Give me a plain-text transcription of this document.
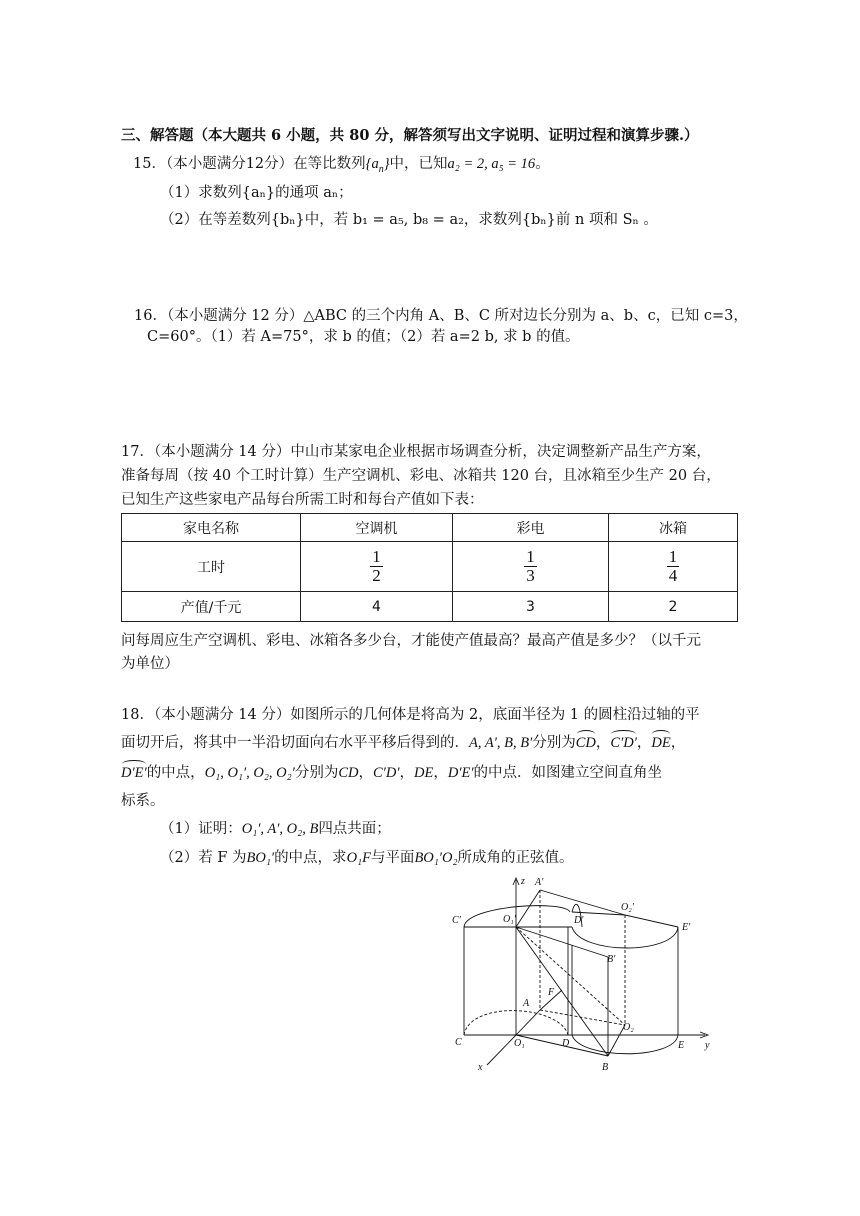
三、解答题（本大题共 6 小题，共 80 分，解答须写出文字说明、证明过程和演算步骤.）
15．（本小题满分12分）在等比数列$\{a_n\}$中，已知a₂ = 2, a₅ = 16。
（1）求数列{aₙ}的通项 aₙ；
（2）在等差数列{bₙ}中，若 b₁ = a₅, b₈ = a₂，求数列{bₙ}前 n 项和 Sₙ 。
16．（本小题满分 12 分）△ABC 的三个内角 A、B、C 所对边长分别为 a、b、c，已知 c=3，
C=60°。（1）若 A=75°，求 b 的值；（2）若 a=2 b, 求 b 的值。
17．（本小题满分 14 分）中山市某家电企业根据市场调查分析，决定调整新产品生产方案，
准备每周（按 40 个工时计算）生产空调机、彩电、冰箱共 120 台，且冰箱至少生产 20 台，
已知生产这些家电产品每台所需工时和每台产值如下表：
家电名称	空调机	彩电	冰箱
工时	$\frac{1}{2}$	$\frac{1}{3}$	$\frac{1}{4}$

产值/千元	4	3	2
问每周应生产空调机、彩电、冰箱各多少台，才能使产值最高？最高产值是多少？（以千元
为单位）
18．（本小题满分 14 分）如图所示的几何体是将高为 2，底面半径为 1 的圆柱沿过轴的平
面切开后，将其中一半沿切面向右水平平移后得到的．A, A′, B, B′分别为CD，C′D′，DE，
D′E′的中点，O₁, O₁′, O₂, O₂′分别为CD，C′D′，DE，D′E′的中点．如图建立空间直角坐
标系。
（1）证明：O₁′, A′, O₂, B四点共面；
（2）若 F 为BO₁′的中点，求O₁F与平面BO₁′O₂所成角的正弦值。
z
x
y
C′	O₁′
A′
D′
O₂′
E′
B′
F
A
O₂
C	O₁	D	E
B
